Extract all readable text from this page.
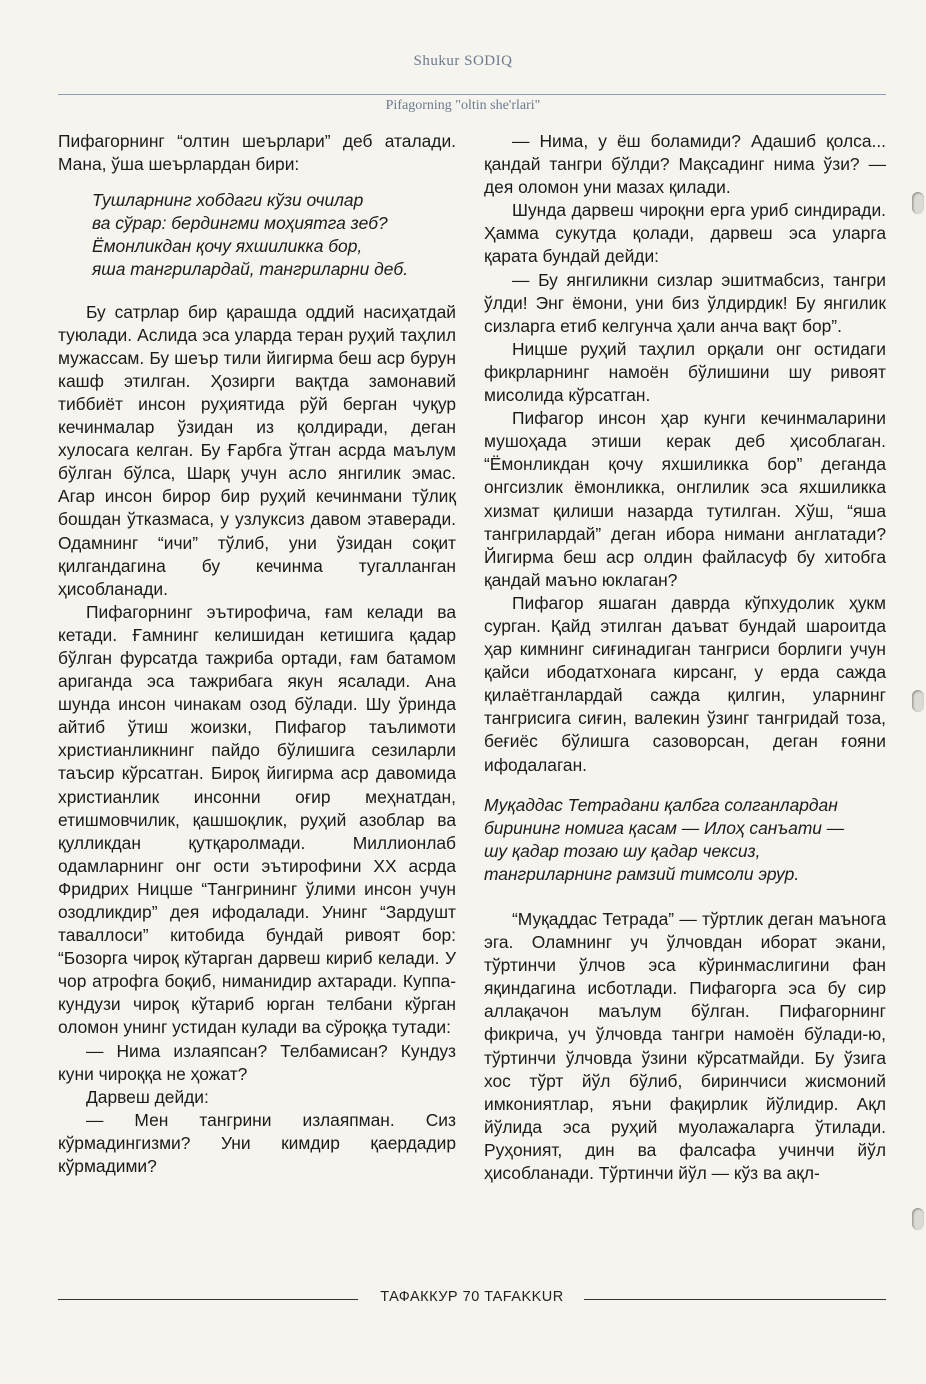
Shukur SODIQ
Pifagorning "oltin she'rlari"

Пифагорнинг “олтин шеърлари” деб аталади. Мана, ўша шеърлардан бири:

Тушларнинг хобдаги кўзи очилар
ва сўрар: бердингми моҳиятга зеб?
Ёмонликдан қочу яхшиликка бор,
яша тангрилардай, тангриларни деб.

Бу сатрлар бир қарашда оддий насиҳатдай туюлади. Аслида эса уларда теран руҳий таҳлил мужассам. Бу шеър тили йигирма беш аср бурун кашф этилган. Ҳозирги вақтда замонавий тиббиёт инсон руҳиятида рўй берган чуқур кечинмалар ўзидан из қолдиради, деган хулосага келган. Бу Ғарбга ўтган асрда маълум бўлган бўлса, Шарқ учун асло янгилик эмас. Агар инсон бирор бир руҳий кечинмани тўлиқ бошдан ўтказмаса, у узлуксиз давом этаверади. Одамнинг “ичи” тўлиб, уни ўзидан соқит қилгандагина бу кечинма тугалланган ҳисобланади.

Пифагорнинг эътирофича, ғам келади ва кетади. Ғамнинг келишидан кетишига қадар бўлган фурсатда тажриба ортади, ғам батамом ариганда эса тажрибага якун ясалади. Ана шунда инсон чинакам озод бўлади. Шу ўринда айтиб ўтиш жоизки, Пифагор таълимоти христианликнинг пайдо бўлишига сезиларли таъсир кўрсатган. Бироқ йигирма аср давомида христианлик инсонни оғир меҳнатдан, етишмовчилик, қашшоқлик, руҳий азоблар ва қулликдан қутқаролмади. Миллионлаб одамларнинг онг ости эътирофини XX асрда Фридрих Ницше “Тангрининг ўлими инсон учун озодликдир” дея ифодалади. Унинг “Зардушт таваллоси” китобида бундай ривоят бор: “Бозорга чироқ кўтарган дарвеш кириб келади. У чор атрофга боқиб, ниманидир ахтаради. Куппа-кундузи чироқ кўтариб юрган телбани кўрган оломон унинг устидан кулади ва сўроққа тутади:

— Нима излаяпсан? Телбамисан? Кундуз куни чироққа не ҳожат?

Дарвеш дейди:

— Мен тангрини излаяпман. Сиз кўрмадингизми? Уни кимдир қаердадир кўрмадими?

— Нима, у ёш боламиди? Адашиб қолса... қандай тангри бўлди? Мақсадинг нима ўзи? — дея оломон уни мазах қилади.

Шунда дарвеш чироқни ерга уриб синдиради. Ҳамма сукутда қолади, дарвеш эса уларга қарата бундай дейди:

— Бу янгиликни сизлар эшитмабсиз, тангри ўлди! Энг ёмони, уни биз ўлдирдик! Бу янгилик сизларга етиб келгунча ҳали анча вақт бор”.

Ницше руҳий таҳлил орқали онг остидаги фикрларнинг намоён бўлишини шу ривоят мисолида кўрсатган.

Пифагор инсон ҳар кунги кечинмаларини мушоҳада этиши керак деб ҳисоблаган. “Ёмонликдан қочу яхшиликка бор” деганда онгсизлик ёмонликка, онглилик эса яхшиликка хизмат қилиши назарда тутилган. Хўш, “яша тангрилардай” деган ибора нимани англатади? Йигирма беш аср олдин файласуф бу хитобга қандай маъно юклаган?

Пифагор яшаган даврда кўпхудолик ҳукм сурган. Қайд этилган даъват бундай шароитда ҳар кимнинг сиғинадиган тангриси борлиги учун қайси ибодатхонага кирсанг, у ерда сажда қилаётганлардай сажда қилгин, уларнинг тангрисига сиғин, валекин ўзинг тангридай тоза, беғиёс бўлишга сазоворсан, деган ғояни ифодалаган.

Муқаддас Тетрадани қалбга солганлардан
бирининг номига қасам — Илоҳ санъати —
шу қадар тозаю шу қадар чексиз,
тангриларнинг рамзий тимсоли эрур.

“Муқаддас Тетрада” — тўртлик деган маънога эга. Оламнинг уч ўлчовдан иборат экани, тўртинчи ўлчов эса кўринмаслигини фан яқиндагина исботлади. Пифагорга эса бу сир аллақачон маълум бўлган. Пифагорнинг фикрича, уч ўлчовда тангри намоён бўлади-ю, тўртинчи ўлчовда ўзини кўрсатмайди. Бу ўзига хос тўрт йўл бўлиб, биринчиси жисмоний имкониятлар, яъни фақирлик йўлидир. Ақл йўлида эса руҳий муолажаларга ўтилади. Руҳоният, дин ва фалсафа учинчи йўл ҳисобланади. Тўртинчи йўл — кўз ва ақл-

ТАФАККУР 70 TAFAKKUR
